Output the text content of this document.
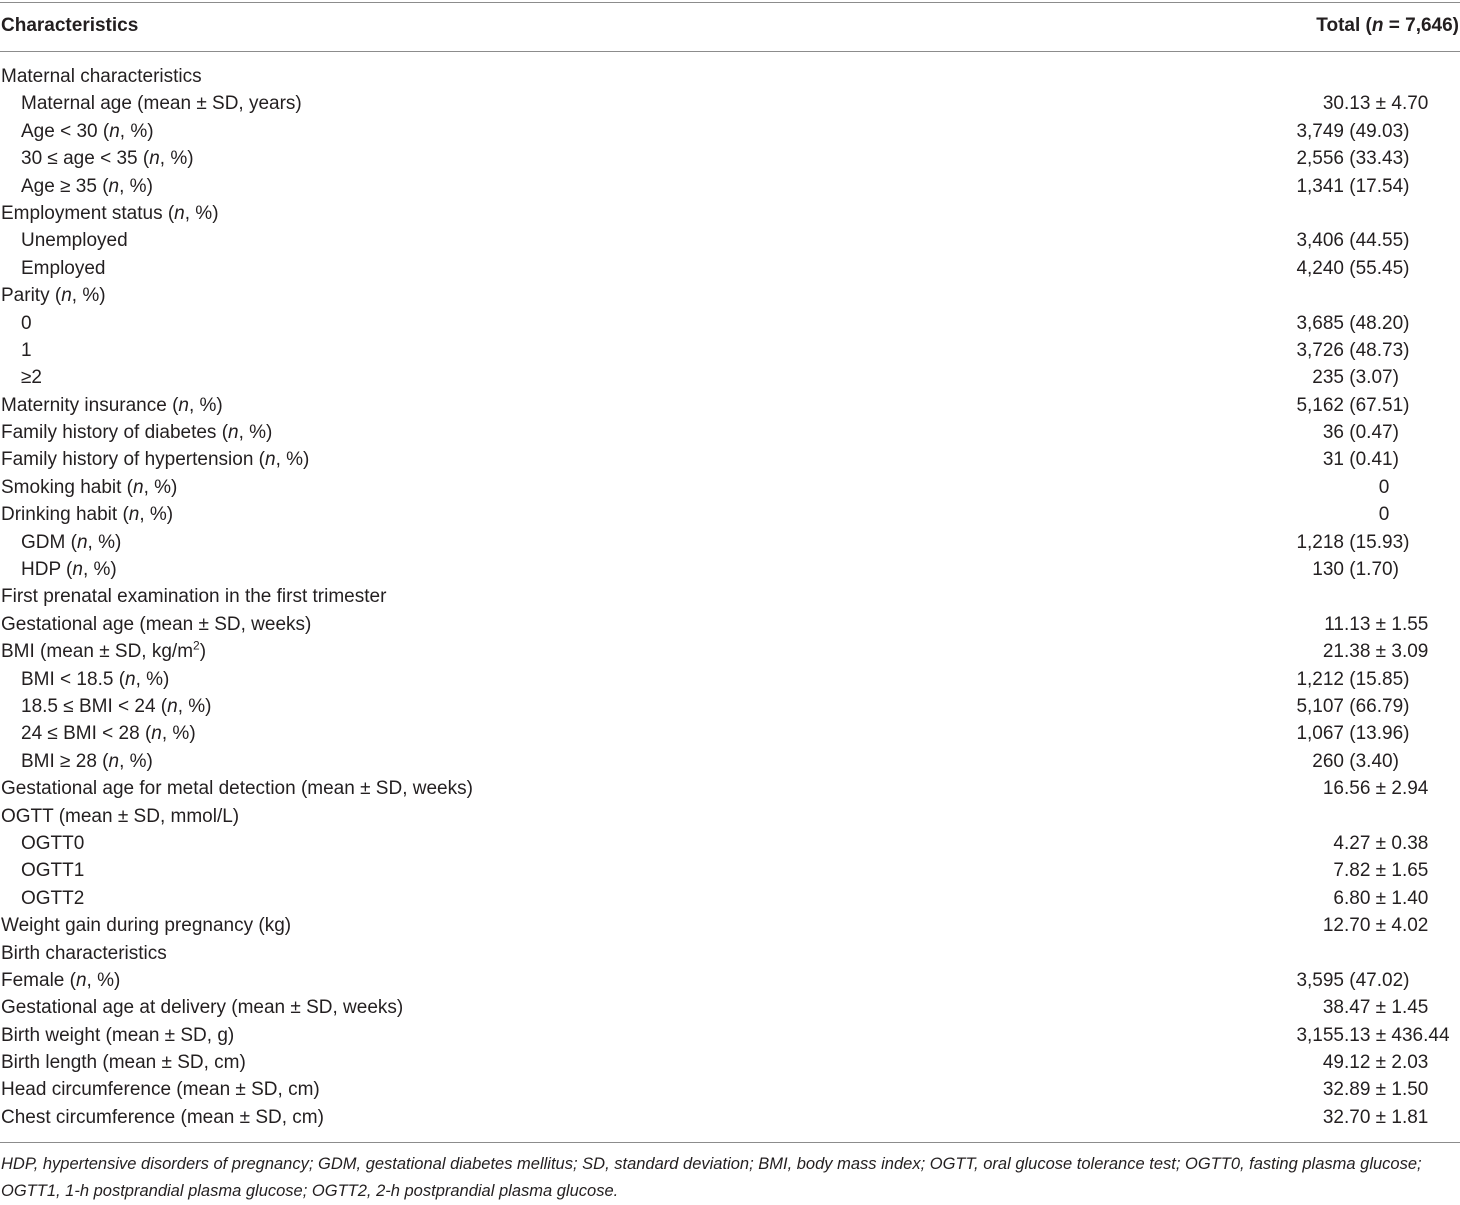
Characteristics	Total (n = 7,646)
Maternal characteristics
Maternal age (mean ± SD, years)	30.13 ± 4.70
Age < 30 (n, %)	3,749 (49.03)
30 ≤ age < 35 (n, %)	2,556 (33.43)
Age ≥ 35 (n, %)	1,341 (17.54)
Employment status (n, %)
Unemployed	3,406 (44.55)
Employed	4,240 (55.45)
Parity (n, %)
0	3,685 (48.20)
1	3,726 (48.73)
≥2	235 (3.07)
Maternity insurance (n, %)	5,162 (67.51)
Family history of diabetes (n, %)	36 (0.47)
Family history of hypertension (n, %)	31 (0.41)
Smoking habit (n, %)	0
Drinking habit (n, %)	0
GDM (n, %)	1,218 (15.93)
HDP (n, %)	130 (1.70)
First prenatal examination in the first trimester
Gestational age (mean ± SD, weeks)	11.13 ± 1.55
BMI (mean ± SD, $kg/m^2$)	21.38 ± 3.09
BMI < 18.5 (n, %)	1,212 (15.85)
18.5 ≤ BMI < 24 (n, %)	5,107 (66.79)
24 ≤ BMI < 28 (n, %)	1,067 (13.96)
BMI ≥ 28 (n, %)	260 (3.40)
Gestational age for metal detection (mean ± SD, weeks)	16.56 ± 2.94
OGTT (mean ± SD, mmol/L)
OGTT0	4.27 ± 0.38
OGTT1	7.82 ± 1.65
OGTT2	6.80 ± 1.40
Weight gain during pregnancy (kg)	12.70 ± 4.02
Birth characteristics
Female (n, %)	3,595 (47.02)
Gestational age at delivery (mean ± SD, weeks)	38.47 ± 1.45
Birth weight (mean ± SD, g)	3,155.13 ± 436.44
Birth length (mean ± SD, cm)	49.12 ± 2.03
Head circumference (mean ± SD, cm)	32.89 ± 1.50
Chest circumference (mean ± SD, cm)	32.70 ± 1.81
HDP, hypertensive disorders of pregnancy; GDM, gestational diabetes mellitus; SD, standard deviation; BMI, body mass index; OGTT, oral glucose tolerance test; OGTT0, fasting plasma glucose; OGTT1, 1-h postprandial plasma glucose; OGTT2, 2-h postprandial plasma glucose.
